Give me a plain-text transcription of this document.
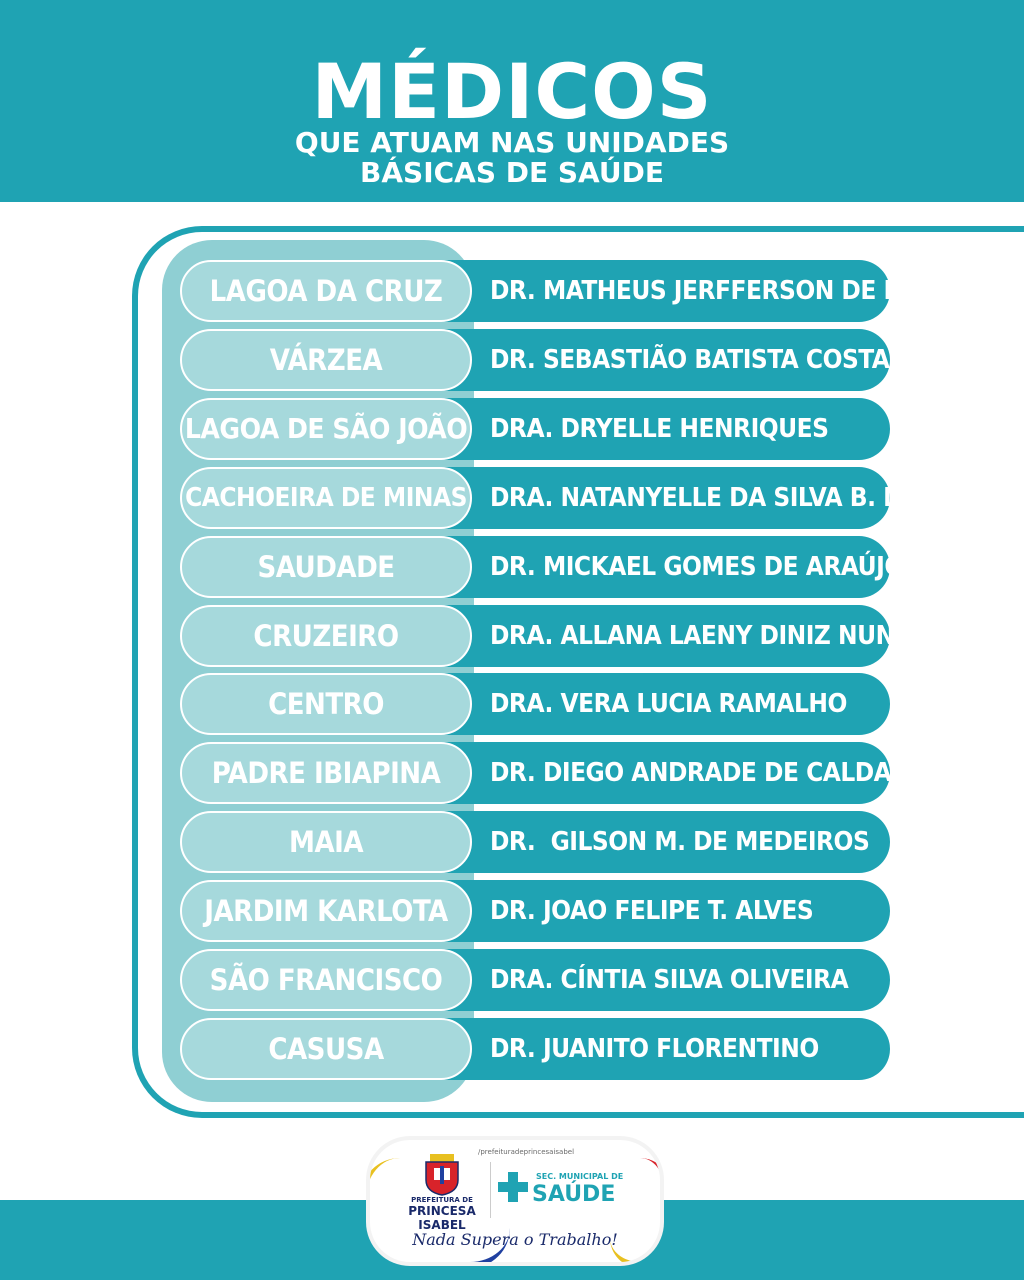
MÉDICOS
QUE ATUAM NAS UNIDADES
BÁSICAS DE SAÚDE
LAGOA DA CRUZ	DR. MATHEUS JERFFERSON DE LIMA
VÁRZEA	DR. SEBASTIÃO BATISTA COSTA
LAGOA DE SÃO JOÃO DRA. DRYELLE HENRIQUES
CACHOEIRA DE MINAS DRA. NATANYELLE DA SILVA B. LEITE
SAUDADE	DR. MICKAEL GOMES DE ARAÚJO
CRUZEIRO	DRA. ALLANA LAENY DINIZ NUNES
CENTRO	DRA. VERA LUCIA RAMALHO
PADRE IBIAPINA	DR. DIEGO ANDRADE DE CALDAS
MAIA	DR.  GILSON M. DE MEDEIROS
JARDIM KARLOTA	DR. JOAO FELIPE T. ALVES
SÃO FRANCISCO	DRA. CÍNTIA SILVA OLIVEIRA
CASUSA	DR. JUANITO FLORENTINO
PREFEITURA DE
PRINCESA ISABEL
/prefeituradeprincesaisabel
SEC. MUNICIPAL DE
SAÚDE
Nada Supera o Trabalho!
